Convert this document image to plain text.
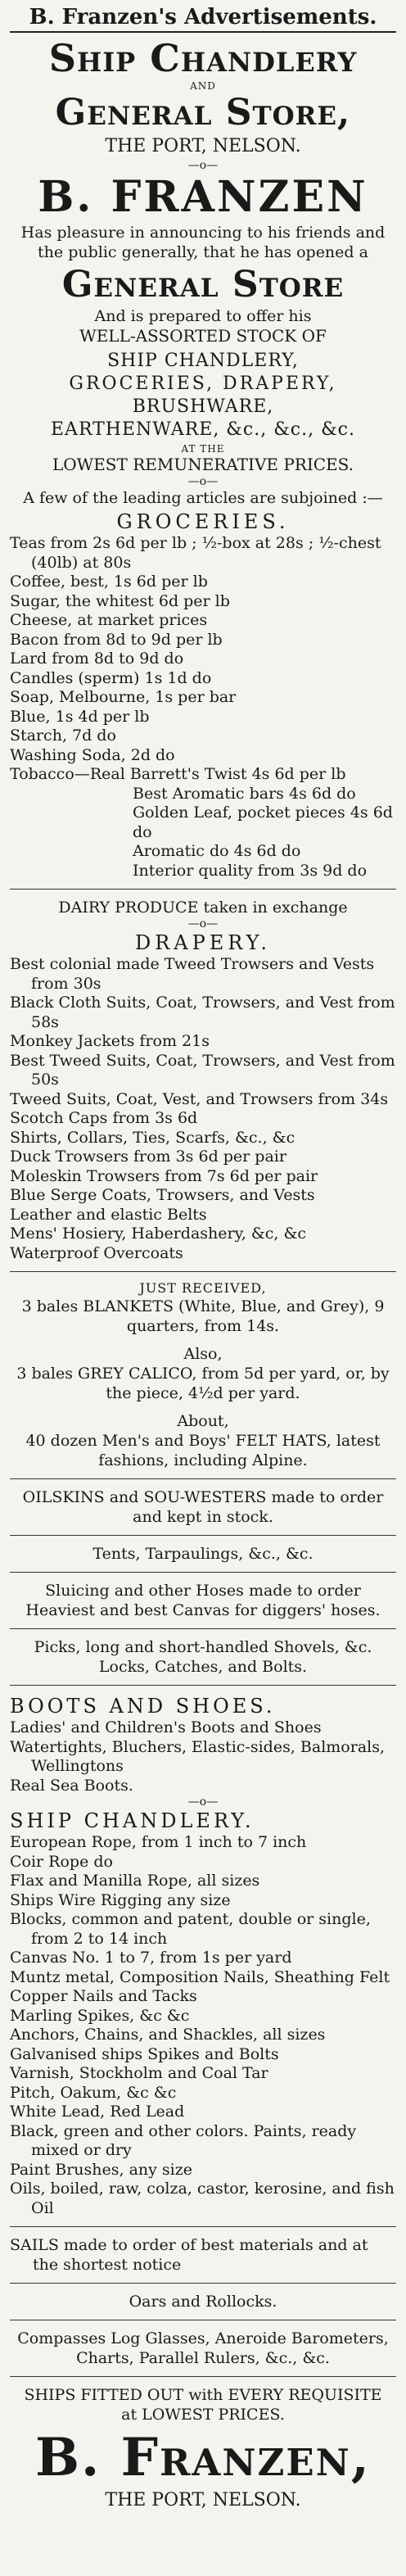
B. Franzen's Advertisements.
Ship Chandlery
AND
General Store,
THE PORT, NELSON.
—o—
B. FRANZEN
Has pleasure in announcing to his friends and the public generally, that he has opened a
General Store
And is prepared to offer his
WELL-ASSORTED STOCK OF
SHIP CHANDLERY,
GROCERIES, DRAPERY,
BRUSHWARE,
EARTHENWARE, &c., &c., &c.
AT THE
LOWEST REMUNERATIVE PRICES.
—o—
A few of the leading articles are subjoined :—
GROCERIES.
Teas from 2s 6d per lb ; ½-box at 28s ; ½-chest (40lb) at 80s
Coffee, best, 1s 6d per lb
Sugar, the whitest 6d per lb
Cheese, at market prices
Bacon from 8d to 9d per lb
Lard from 8d to 9d do
Candles (sperm) 1s 1d do
Soap, Melbourne, 1s per bar
Blue, 1s 4d per lb
Starch, 7d do
Washing Soda, 2d do
Tobacco—Real Barrett's Twist 4s 6d per lb
Best Aromatic bars 4s 6d do
Golden Leaf, pocket pieces 4s 6d do
Aromatic do 4s 6d do
Interior quality from 3s 9d do
DAIRY PRODUCE taken in exchange
—o—
DRAPERY.
Best colonial made Tweed Trowsers and Vests from 30s
Black Cloth Suits, Coat, Trowsers, and Vest from 58s
Monkey Jackets from 21s
Best Tweed Suits, Coat, Trowsers, and Vest from 50s
Tweed Suits, Coat, Vest, and Trowsers from 34s
Scotch Caps from 3s 6d
Shirts, Collars, Ties, Scarfs, &c., &c
Duck Trowsers from 3s 6d per pair
Moleskin Trowsers from 7s 6d per pair
Blue Serge Coats, Trowsers, and Vests
Leather and elastic Belts
Mens' Hosiery, Haberdashery, &c, &c
Waterproof Overcoats
JUST RECEIVED,
3 bales BLANKETS (White, Blue, and Grey), 9 quarters, from 14s.
Also,
3 bales GREY CALICO, from 5d per yard, or, by the piece, 4½d per yard.
About,
40 dozen Men's and Boys' FELT HATS, latest fashions, including Alpine.
OILSKINS and SOU-WESTERS made to order and kept in stock.
Tents, Tarpaulings, &c., &c.
Sluicing and other Hoses made to order
Heaviest and best Canvas for diggers' hoses.
Picks, long and short-handled Shovels, &c.
Locks, Catches, and Bolts.
BOOTS AND SHOES.
Ladies' and Children's Boots and Shoes
Watertights, Bluchers, Elastic-sides, Balmorals, Wellingtons
Real Sea Boots.
—o—
SHIP CHANDLERY.
European Rope, from 1 inch to 7 inch
Coir Rope do
Flax and Manilla Rope, all sizes
Ships Wire Rigging any size
Blocks, common and patent, double or single, from 2 to 14 inch
Canvas No. 1 to 7, from 1s per yard
Muntz metal, Composition Nails, Sheathing Felt
Copper Nails and Tacks
Marling Spikes, &c &c
Anchors, Chains, and Shackles, all sizes
Galvanised ships Spikes and Bolts
Varnish, Stockholm and Coal Tar
Pitch, Oakum, &c &c
White Lead, Red Lead
Black, green and other colors. Paints, ready mixed or dry
Paint Brushes, any size
Oils, boiled, raw, colza, castor, kerosine, and fish Oil
SAILS made to order of best materials and at the shortest notice
Oars and Rollocks.
Compasses Log Glasses, Aneroide Barometers,
Charts, Parallel Rulers, &c., &c.
SHIPS FITTED OUT with EVERY REQUISITE
at LOWEST PRICES.
B. Franzen,
THE PORT, NELSON.
